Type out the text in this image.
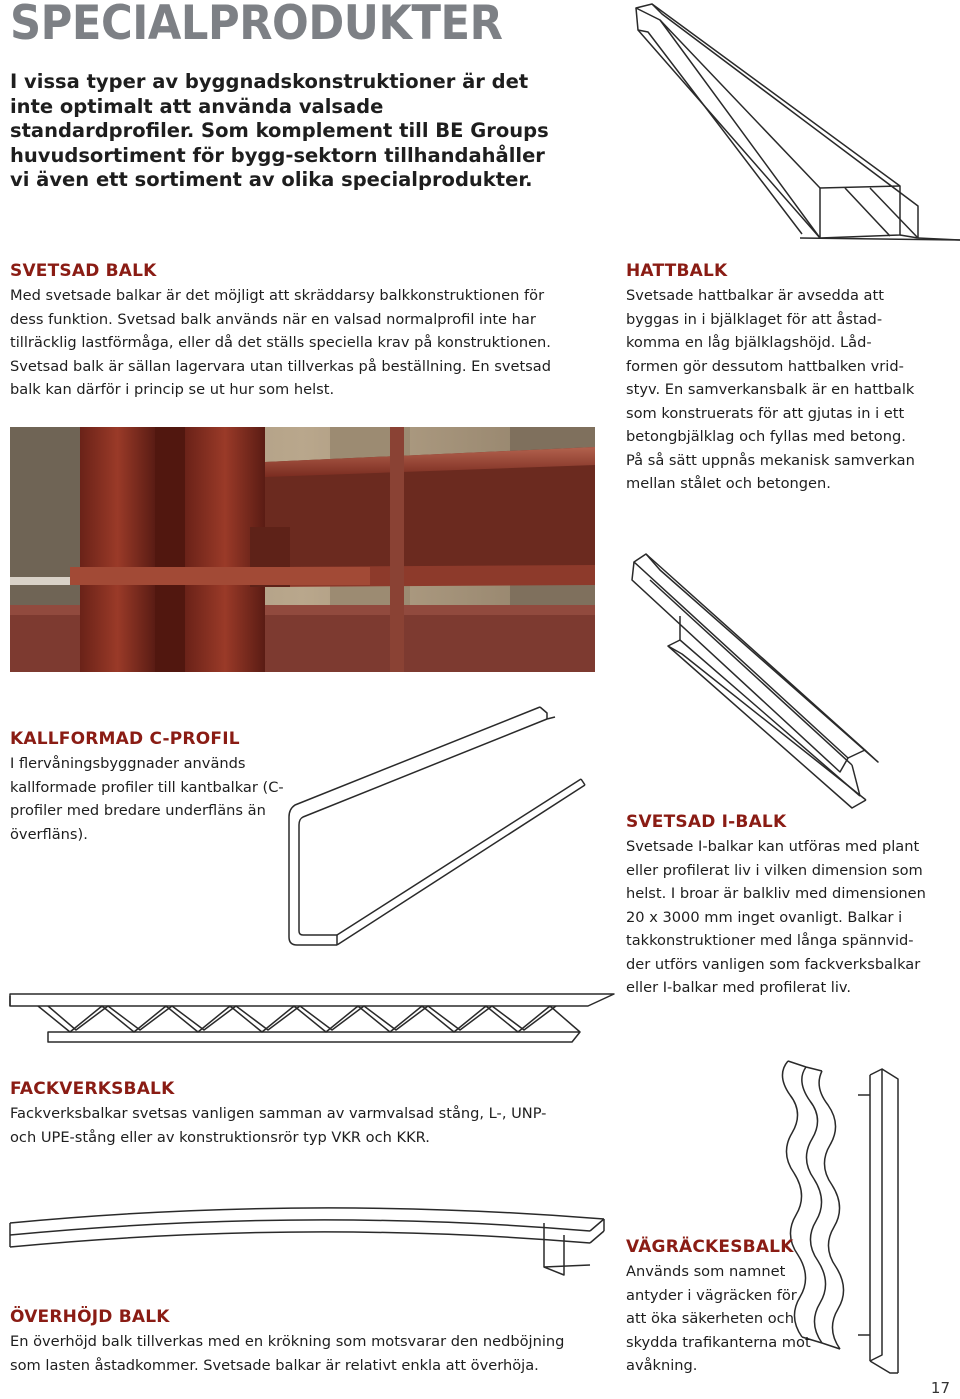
SPECIALPRODUKTER
I vissa typer av byggnadskonstruktioner är det inte optimalt att använda valsade standardprofiler. Som komplement till BE Groups huvudsortiment för bygg-sektorn tillhandahåller vi även ett sortiment av olika specialprodukter.
SVETSAD BALK
Med svetsade balkar är det möjligt att skräddarsy balkkonstruktionen för dess funktion. Svetsad balk används när en valsad normalprofil inte har tillräcklig lastförmåga, eller då det ställs speciella krav på konstruktionen. Svetsad balk är sällan lagervara utan tillverkas på beställning. En svetsad balk kan därför i princip se ut hur som helst.
HATTBALK
Svetsade hattbalkar är avsedda att byggas in i bjälklaget för att åstad-komma en låg bjälklagshöjd. Låd-formen gör dessutom hattbalken vrid-styv. En samverkansbalk är en hattbalk som konstruerats för att gjutas in i ett betongbjälklag och fyllas med betong. På så sätt uppnås mekanisk samverkan mellan stålet och betongen.
KALLFORMAD C-PROFIL
I flervåningsbyggnader används kallformade profiler till kantbalkar (C-profiler med bredare underfläns än överfläns).
SVETSAD I-BALK
Svetsade I-balkar kan utföras med plant eller profilerat liv i vilken dimension som helst. I broar är balkliv med dimensionen 20 x 3000 mm inget ovanligt. Balkar i takkonstruktioner med långa spännvid-der utförs vanligen som fackverksbalkar eller I-balkar med profilerat liv.
FACKVERKSBALK
Fackverksbalkar svetsas vanligen samman av varmvalsad stång, L-, UNP- och UPE-stång eller av konstruktionsrör typ VKR och KKR.
VÄGRÄCKESBALK
Används som namnet antyder i vägräcken för att öka säkerheten och skydda trafikanterna mot avåkning.
ÖVERHÖJD BALK
En överhöjd balk tillverkas med en krökning som motsvarar den nedböjning som lasten åstadkommer. Svetsade balkar är relativt enkla att överhöja.
17
